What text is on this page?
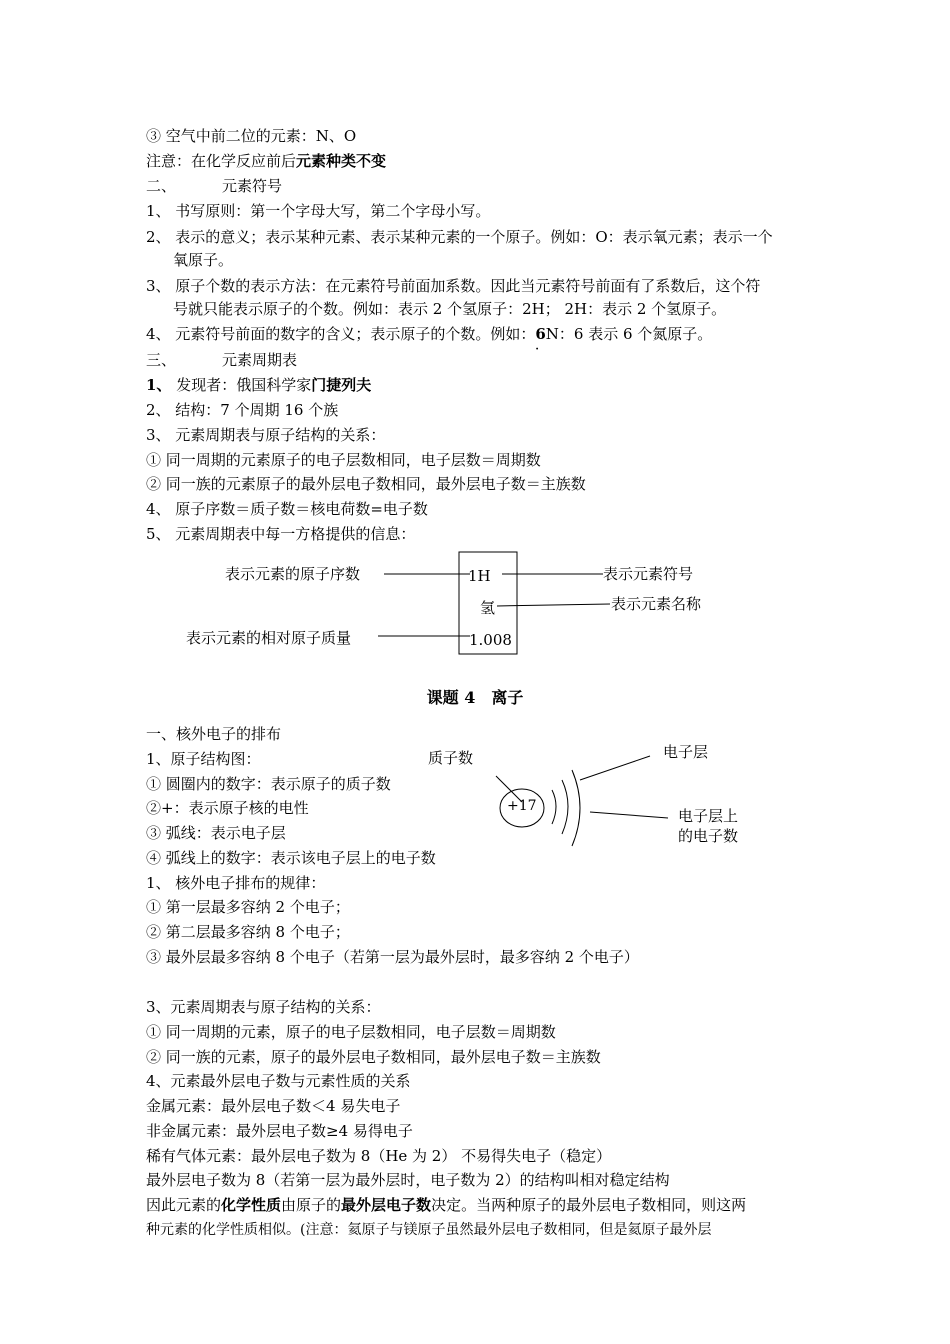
③ 空气中前二位的元素：N、O
注意：在化学反应前后元素种类不变
二、	元素符号
1、 书写原则：第一个字母大写，第二个字母小写。
2、 表示的意义；表示某种元素、表示某种元素的一个原子。例如：O：表示氧元素；表示一个
氧原子。
3、 原子个数的表示方法：在元素符号前面加系数。因此当元素符号前面有了系数后，这个符
号就只能表示原子的个数。例如：表示 2 个氢原子：2H； 2H：表示 2 个氢原子。
4、 元素符号前面的数字的含义；表示原子的个数。例如：6
·
N：6 表示 6 个氮原子。
三、	元素周期表
1、 发现者：俄国科学家门捷列夫
2、 结构：7 个周期 16 个族
3、 元素周期表与原子结构的关系：
① 同一周期的元素原子的电子层数相同，电子层数＝周期数
② 同一族的元素原子的最外层电子数相同，最外层电子数＝主族数
4、 原子序数＝质子数＝核电荷数=电子数
5、 元素周期表中每一方格提供的信息：
表示元素的原子序数	表示元素符号
表示元素名称
表示元素的相对原子质量
1H
氢
1.008
课题 4　离子
一、核外电子的排布
1、原子结构图：
① 圆圈内的数字：表示原子的质子数
②+：表示原子核的电性
③ 弧线：表示电子层
④ 弧线上的数字：表示该电子层上的电子数
1、 核外电子排布的规律：
① 第一层最多容纳 2 个电子；
② 第二层最多容纳 8 个电子；
③ 最外层最多容纳 8 个电子（若第一层为最外层时，最多容纳 2 个电子）
3、元素周期表与原子结构的关系：
① 同一周期的元素，原子的电子层数相同，电子层数＝周期数
② 同一族的元素，原子的最外层电子数相同，最外层电子数＝主族数
4、元素最外层电子数与元素性质的关系
金属元素：最外层电子数＜4 易失电子
非金属元素：最外层电子数≥4 易得电子
稀有气体元素：最外层电子数为 8（He 为 2） 不易得失电子（稳定）
最外层电子数为 8（若第一层为最外层时，电子数为 2）的结构叫相对稳定结构
因此元素的化学性质由原子的最外层电子数决定。当两种原子的最外层电子数相同，则这两
种元素的化学性质相似。(注意：氦原子与镁原子虽然最外层电子数相同，但是氦原子最外层
质子数	电子层
电子层上
的电子数
+17
